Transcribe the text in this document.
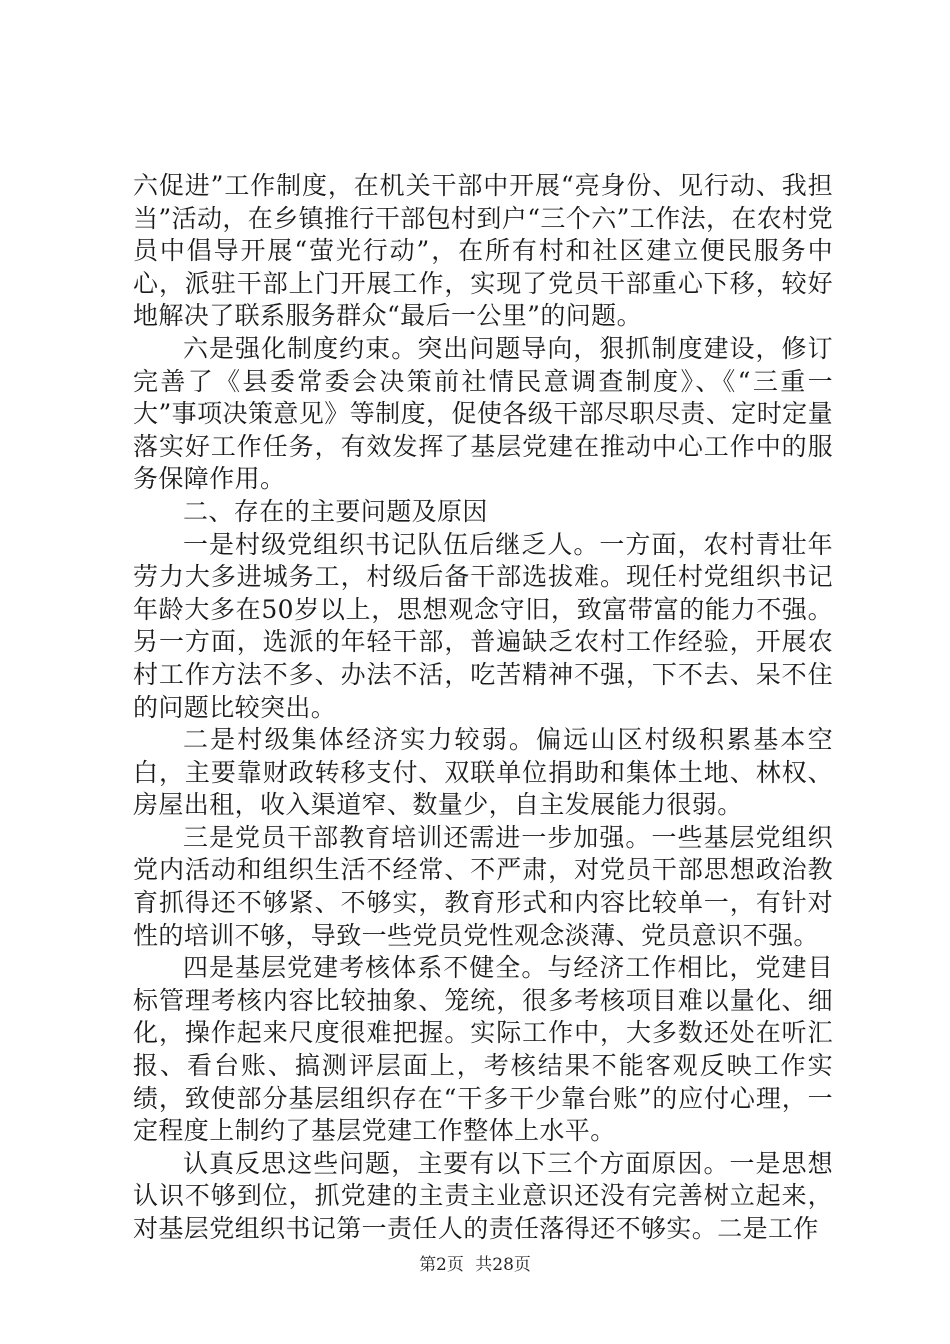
六促进”工作制度，在机关干部中开展“亮身份、见行动、我担当”活动，在乡镇推行干部包村到户“三个六”工作法，在农村党员中倡导开展“萤光行动”，在所有村和社区建立便民服务中心，派驻干部上门开展工作，实现了党员干部重心下移，较好地解决了联系服务群众“最后一公里”的问题。

六是强化制度约束。突出问题导向，狠抓制度建设，修订完善了《县委常委会决策前社情民意调查制度》、《“三重一大”事项决策意见》等制度，促使各级干部尽职尽责、定时定量落实好工作任务，有效发挥了基层党建在推动中心工作中的服务保障作用。

二、存在的主要问题及原因

一是村级党组织书记队伍后继乏人。一方面，农村青壮年劳力大多进城务工，村级后备干部选拔难。现任村党组织书记年龄大多在50岁以上，思想观念守旧，致富带富的能力不强。另一方面，选派的年轻干部，普遍缺乏农村工作经验，开展农村工作方法不多、办法不活，吃苦精神不强，下不去、呆不住的问题比较突出。

二是村级集体经济实力较弱。偏远山区村级积累基本空白，主要靠财政转移支付、双联单位捐助和集体土地、林权、房屋出租，收入渠道窄、数量少，自主发展能力很弱。

三是党员干部教育培训还需进一步加强。一些基层党组织党内活动和组织生活不经常、不严肃，对党员干部思想政治教育抓得还不够紧、不够实，教育形式和内容比较单一，有针对性的培训不够，导致一些党员党性观念淡薄、党员意识不强。

四是基层党建考核体系不健全。与经济工作相比，党建目标管理考核内容比较抽象、笼统，很多考核项目难以量化、细化，操作起来尺度很难把握。实际工作中，大多数还处在听汇报、看台账、搞测评层面上，考核结果不能客观反映工作实绩，致使部分基层组织存在“干多干少靠台账”的应付心理，一定程度上制约了基层党建工作整体上水平。

认真反思这些问题，主要有以下三个方面原因。一是思想认识不够到位，抓党建的主责主业意识还没有完善树立起来，对基层党组织书记第一责任人的责任落得还不够实。二是工作

第2页 共28页
